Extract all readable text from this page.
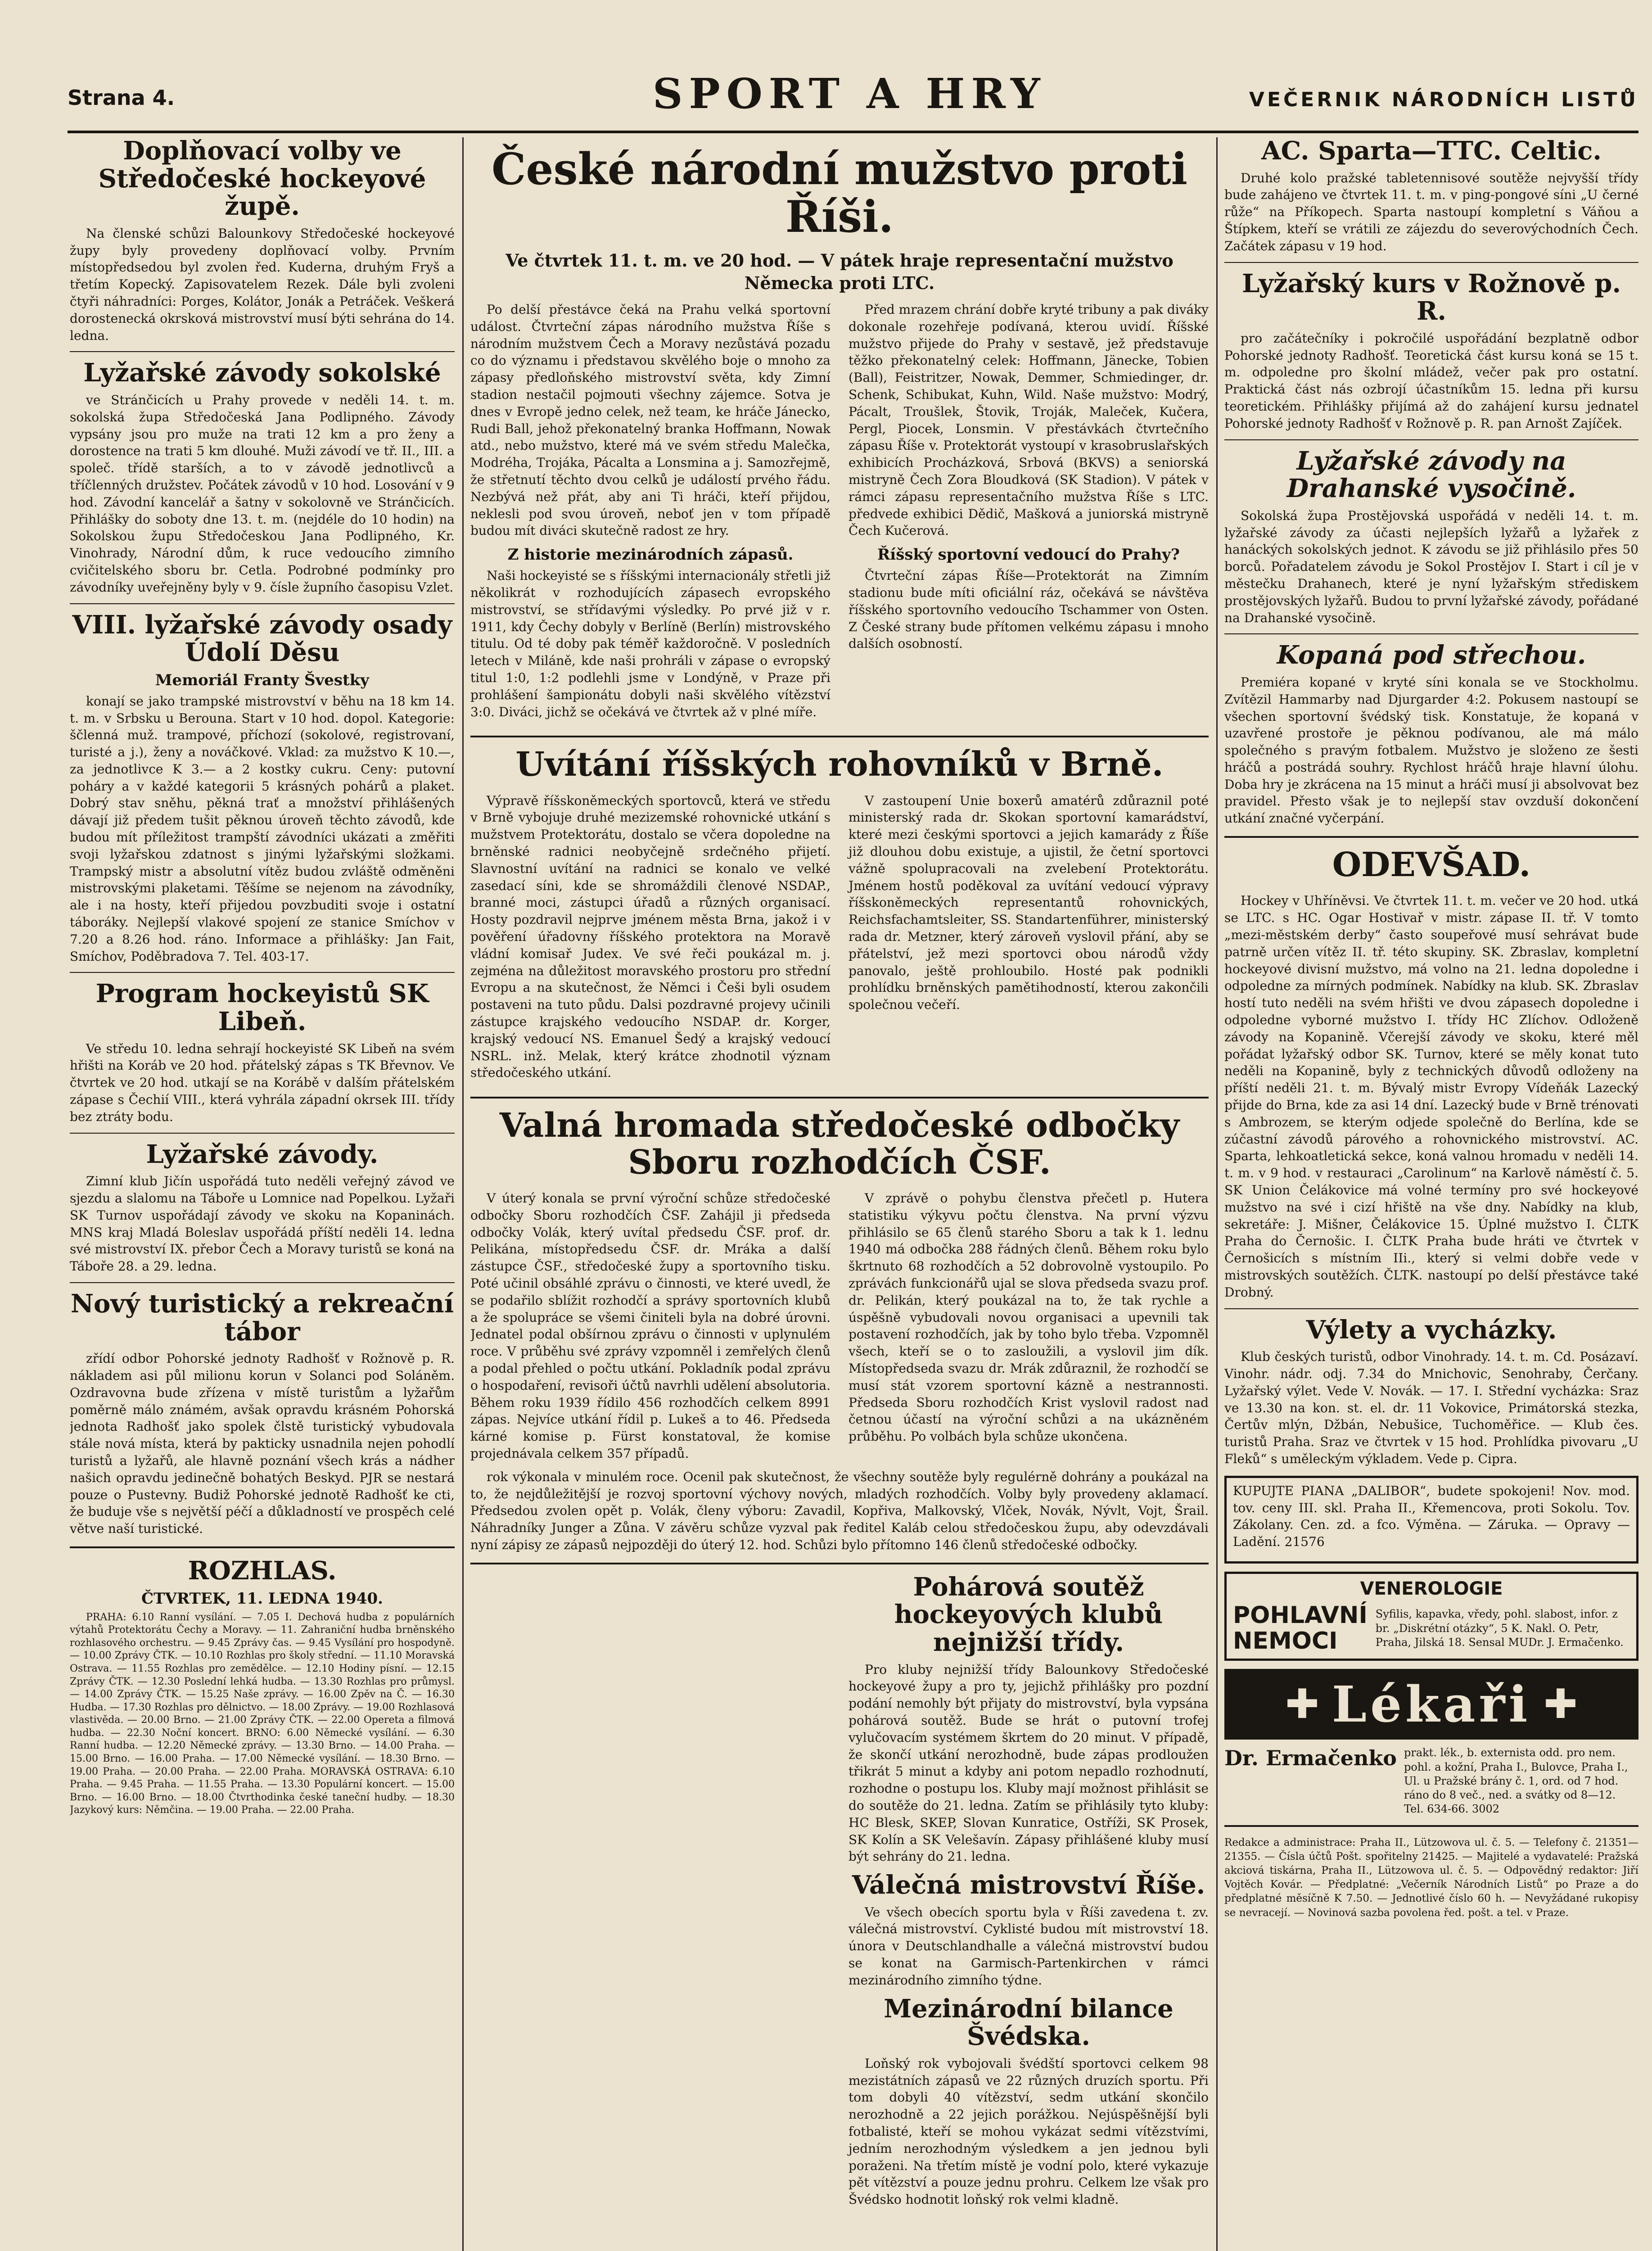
Strana 4.	SPORT A HRY	VEČERNIK NÁRODNÍCH LISTŮ
Doplňovací volby ve Středočeské hockeyové župě.

Na členské schůzi Balounkovy Středočeské hockeyové župy byly provedeny doplňovací volby. Prvním místopředsedou byl zvolen řed. Kuderna, druhým Fryš a třetím Kopecký. Zapisovatelem Rezek. Dále byli zvoleni čtyři náhradníci: Porges, Kolátor, Jonák a Petráček. Veškerá dorostenecká okrsková mistrovství musí býti sehrána do 14. ledna.

Lyžařské závody sokolské

ve Stránčicích u Prahy provede v neděli 14. t. m. sokolská župa Středočeská Jana Podlipného. Závody vypsány jsou pro muže na trati 12 km a pro ženy a dorostence na trati 5 km dlouhé. Muži závodí ve tř. II., III. a společ. třídě starších, a to v závodě jednotlivců a tříčlenných družstev. Počátek závodů v 10 hod. Losování v 9 hod. Závodní kancelář a šatny v sokolovně ve Stránčicích. Přihlášky do soboty dne 13. t. m. (nejdéle do 10 hodin) na Sokolskou župu Středočeskou Jana Podlipného, Kr. Vinohrady, Národní dům, k ruce vedoucího zimního cvičitelského sboru br. Cetla. Podrobné podmínky pro závodníky uveřejněny byly v 9. čísle župního časopisu Vzlet.

VIII. lyžařské závody osady Údolí Děsu
Memoriál Franty Švestky

konají se jako trampské mistrovství v běhu na 18 km 14. t. m. v Srbsku u Berouna. Start v 10 hod. dopol. Kategorie: ščlenná muž. trampové, příchozí (sokolové, registrovaní, turisté a j.), ženy a nováčkové. Vklad: za mužstvo K 10.—, za jednotlivce K 3.— a 2 kostky cukru. Ceny: putovní poháry a v každé kategorii 5 krásných pohárů a plaket. Dobrý stav sněhu, pěkná trať a množství přihlášených dávají již předem tušit pěknou úroveň těchto závodů, kde budou mít příležitost trampští závodníci ukázati a změřiti svoji lyžařskou zdatnost s jinými lyžařskými složkami. Trampský mistr a absolutní vítěz budou zvláště odměněni mistrovskými plaketami. Těšíme se nejenom na závodníky, ale i na hosty, kteří přijedou povzbuditi svoje i ostatní táboráky. Nejlepší vlakové spojení ze stanice Smíchov v 7.20 a 8.26 hod. ráno. Informace a přihlášky: Jan Fait, Smíchov, Poděbradova 7. Tel. 403-17.

Program hockeyistů SK Libeň.

Ve středu 10. ledna sehrají hockeyisté SK Libeň na svém hřišti na Koráb ve 20 hod. přátelský zápas s TK Břevnov. Ve čtvrtek ve 20 hod. utkají se na Korábě v dalším přátelském zápase s Čechií VIII., která vyhrála západní okrsek III. třídy bez ztráty bodu.

Lyžařské závody.

Zimní klub Jičín uspořádá tuto neděli veřejný závod ve sjezdu a slalomu na Táboře u Lomnice nad Popelkou. Lyžaři SK Turnov uspořádají závody ve skoku na Kopaninách. MNS kraj Mladá Boleslav uspořádá příští neděli 14. ledna své mistrovství IX. přebor Čech a Moravy turistů se koná na Táboře 28. a 29. ledna.

Nový turistický a rekreační tábor

zřídí odbor Pohorské jednoty Radhošť v Rožnově p. R. nákladem asi půl milionu korun v Solanci pod Soláněm. Ozdravovna bude zřízena v místě turistům a lyžařům poměrně málo známém, avšak opravdu krásném Pohorská jednota Radhošť jako spolek člstě turistický vybudovala stále nová místa, která by pakticky usnadnila nejen pohodlí turistů a lyžařů, ale hlavně poznání všech krás a nádher našich opravdu jedinečně bohatých Beskyd. PJR se nestará pouze o Pustevny. Budiž Pohorské jednotě Radhošť ke cti, že buduje vše s největší péčí a důkladností ve prospěch celé větve naší turistické.

ROZHLAS.
ČTVRTEK, 11. LEDNA 1940.

PRAHA: 6.10 Ranní vysílání. — 7.05 I. Dechová hudba z populárních výtahů Protektorátu Čechy a Moravy. — 11. Zahraniční hudba brněnského rozhlasového orchestru. — 9.45 Zprávy čas. — 9.45 Vysílání pro hospodyně. — 10.00 Zprávy ČTK. — 10.10 Rozhlas pro školy střední. — 11.10 Moravská Ostrava. — 11.55 Rozhlas pro zemědělce. — 12.10 Hodiny písní. — 12.15 Zprávy ČTK. — 12.30 Poslední lehká hudba. — 13.30 Rozhlas pro průmysl. — 14.00 Zprávy ČTK. — 15.25 Naše zprávy. — 16.00 Zpěv na Č. — 16.30 Hudba. — 17.30 Rozhlas pro dělnictvo. — 18.00 Zprávy. — 19.00 Rozhlasová vlastivěda. — 20.00 Brno. — 21.00 Zprávy ČTK. — 22.00 Opereta a filmová hudba. — 22.30 Noční koncert. BRNO: 6.00 Německé vysílání. — 6.30 Ranní hudba. — 12.20 Německé zprávy. — 13.30 Brno. — 14.00 Praha. — 15.00 Brno. — 16.00 Praha. — 17.00 Německé vysílání. — 18.30 Brno. — 19.00 Praha. — 20.00 Praha. — 22.00 Praha. MORAVSKÁ OSTRAVA: 6.10 Praha. — 9.45 Praha. — 11.55 Praha. — 13.30 Populární koncert. — 15.00 Brno. — 16.00 Brno. — 18.00 Čtvrthodinka české taneční hudby. — 18.30 Jazykový kurs: Němčina. — 19.00 Praha. — 22.00 Praha.

České národní mužstvo proti Říši.
Ve čtvrtek 11. t. m. ve 20 hod. — V pátek hraje representační mužstvo Německa proti LTC.

Po delší přestávce čeká na Prahu velká sportovní událost. Čtvrteční zápas národního mužstva Říše s národním mužstvem Čech a Moravy nezůstává pozadu co do významu i představou skvělého boje o mnoho za zápasy předloňského mistrovství světa, kdy Zimní stadion nestačil pojmouti všechny zájemce. Sotva je dnes v Evropě jedno celek, než team, ke hráče Jánecko, Rudi Ball, jehož překonatelný branka Hoffmann, Nowak atd., nebo mužstvo, které má ve svém středu Malečka, Modréha, Trojáka, Pácalta a Lonsmina a j. Samozřejmě, že střetnutí těchto dvou celků je událostí prvého řádu. Nezbývá než přát, aby ani Ti hráči, kteří přijdou, neklesli pod svou úroveň, neboť jen v tom případě budou mít diváci skutečně radost ze hry.

Z historie mezinárodních zápasů.

Naši hockeyisté se s říšskými internacionály střetli již několikrát v rozhodujících zápasech evropského mistrovství, se střídavými výsledky. Po prvé již v r. 1911, kdy Čechy dobyly v Berlíně (Berlín) mistrovského titulu. Od té doby pak téměř každoročně. V posledních letech v Miláně, kde naši prohráli v zápase o evropský titul 1:0, 1:2 podlehli jsme v Londýně, v Praze při prohlášení šampionátu dobyli naši skvělého vítězství 3:0. Diváci, jichž se očekává ve čtvrtek až v plné míře.

Před mrazem chrání dobře kryté tribuny a pak diváky dokonale rozehřeje podívaná, kterou uvidí. Říšské mužstvo přijede do Prahy v sestavě, jež představuje těžko překonatelný celek: Hoffmann, Jänecke, Tobien (Ball), Feistritzer, Nowak, Demmer, Schmiedinger, dr. Schenk, Schibukat, Kuhn, Wild. Naše mužstvo: Modrý, Pácalt, Troušlek, Štovik, Troják, Maleček, Kučera, Pergl, Piocek, Lonsmin. V přestávkách čtvrtečního zápasu Říše v. Protektorát vystoupí v krasobruslařských exhibicích Procházková, Srbová (BKVS) a seniorská mistryně Čech Zora Bloudková (SK Stadion). V pátek v rámci zápasu representačního mužstva Říše s LTC. předvede exhibici Dědič, Mašková a juniorská mistryně Čech Kučerová.

Říšský sportovní vedoucí do Prahy?

Čtvrteční zápas Říše—Protektorát na Zimním stadionu bude míti oficiální ráz, očekává se návštěva říšského sportovního vedoucího Tschammer von Osten. Z České strany bude přítomen velkému zápasu i mnoho dalších osobností.

Uvítání říšských rohovníků v Brně.

Výpravě říšskoněmeckých sportovců, která ve středu v Brně vybojuje druhé mezizemské rohovnické utkání s mužstvem Protektorátu, dostalo se včera dopoledne na brněnské radnici neobyčejně srdečného přijetí. Slavnostní uvítání na radnici se konalo ve velké zasedací síni, kde se shromáždili členové NSDAP., branné moci, zástupci úřadů a různých organisací. Hosty pozdravil nejprve jménem města Brna, jakož i v pověření úřadovny říšského protektora na Moravě vládní komisař Judex. Ve své řeči poukázal m. j. zejména na důležitost moravského prostoru pro střední Evropu a na skutečnost, že Němci i Češi byli osudem postaveni na tuto půdu. Dalsi pozdravné projevy učinili zástupce krajského vedoucího NSDAP. dr. Korger, krajský vedoucí NS. Emanuel Šedý a krajský vedoucí NSRL. inž. Melak, který krátce zhodnotil význam středočeského utkání.

V zastoupení Unie boxerů amatérů zdůraznil poté ministerský rada dr. Skokan sportovní kamarádství, které mezi českými sportovci a jejich kamarády z Říše již dlouhou dobu existuje, a ujistil, že četní sportovci vážně spolupracovali na zvelebení Protektorátu. Jménem hostů poděkoval za uvítání vedoucí výpravy říšskoněmeckých representantů rohovnických, Reichsfachamtsleiter, SS. Standartenführer, ministerský rada dr. Metzner, který zároveň vyslovil přání, aby se přátelství, jež mezi sportovci obou národů vždy panovalo, ještě prohloubilo. Hosté pak podnikli prohlídku brněnských pamětihodností, kterou zakončili společnou večeří.

Valná hromada středočeské odbočky Sboru rozhodčích ČSF.

V úterý konala se první výroční schůze středočeské odbočky Sboru rozhodčích ČSF. Zahájil ji předseda odbočky Volák, který uvítal předsedu ČSF. prof. dr. Pelikána, místopředsedu ČSF. dr. Mráka a další zástupce ČSF., středočeské župy a sportovního tisku. Poté učinil obsáhlé zprávu o činnosti, ve které uvedl, že se podařilo sblížit rozhodčí a správy sportovních klubů a že spolupráce se všemi činiteli byla na dobré úrovni. Jednatel podal obšírnou zprávu o činnosti v uplynulém roce. V průběhu své zprávy vzpomněl i zemřelých členů a podal přehled o počtu utkání. Pokladník podal zprávu o hospodaření, revisoři účtů navrhli udělení absolutoria. Během roku 1939 řídilo 456 rozhodčích celkem 8991 zápas. Nejvíce utkání řídil p. Lukeš a to 46. Předseda kárné komise p. Fürst konstatoval, že komise projednávala celkem 357 případů.

V zprávě o pohybu členstva přečetl p. Hutera statistiku výkyvu počtu členstva. Na první výzvu přihlásilo se 65 členů starého Sboru a tak k 1. lednu 1940 má odbočka 288 řádných členů. Během roku bylo škrtnuto 68 rozhodčích a 52 dobrovolně vystoupilo. Po zprávách funkcionářů ujal se slova předseda svazu prof. dr. Pelikán, který poukázal na to, že tak rychle a úspěšně vybudovali novou organisaci a upevnili tak postavení rozhodčích, jak by toho bylo třeba. Vzpomněl všech, kteří se o to zasloužili, a vyslovil jim dík. Místopředseda svazu dr. Mrák zdůraznil, že rozhodčí se musí stát vzorem sportovní kázně a nestrannosti. Předseda Sboru rozhodčích Krist vyslovil radost nad četnou účastí na výroční schůzi a na ukázněném průběhu. Po volbách byla schůze ukončena.

rok výkonala v minulém roce. Ocenil pak skutečnost, že všechny soutěže byly regulérně dohrány a poukázal na to, že nejdůležitější je rozvoj sportovní výchovy nových, mladých rozhodčích. Volby byly provedeny aklamací. Předsedou zvolen opět p. Volák, členy výboru: Zavadil, Kopřiva, Malkovský, Vlček, Novák, Nývlt, Vojt, Šrail. Náhradníky Junger a Zůna. V závěru schůze vyzval pak ředitel Kaláb celou středočeskou župu, aby odevzdávali nyní zápisy ze zápasů nejpozději do úterý 12. hod. Schůzi bylo přítomno 146 členů středočeské odbočky.

Pohárová soutěž hockeyových klubů nejnižší třídy.

Pro kluby nejnižší třídy Balounkovy Středočeské hockeyové župy a pro ty, jejichž přihlášky pro pozdní podání nemohly být přijaty do mistrovství, byla vypsána pohárová soutěž. Bude se hrát o putovní trofej vylučovacím systémem škrtem do 20 minut. V případě, že skončí utkání nerozhodně, bude zápas prodloužen třikrát 5 minut a kdyby ani potom nepadlo rozhodnutí, rozhodne o postupu los. Kluby mají možnost přihlásit se do soutěže do 21. ledna. Zatím se přihlásily tyto kluby: HC Blesk, SKEP, Slovan Kunratice, Ostříži, SK Prosek, SK Kolín a SK Velešavín. Zápasy přihlášené kluby musí být sehrány do 21. ledna.

Válečná mistrovství Říše.

Ve všech obecích sportu byla v Říši zavedena t. zv. válečná mistrovství. Cyklisté budou mít mistrovství 18. února v Deutschlandhalle a válečná mistrovství budou se konat na Garmisch-Partenkirchen v rámci mezinárodního zimního týdne.

Mezinárodní bilance Švédska.

Loňský rok vybojovali švédští sportovci celkem 98 mezistátních zápasů ve 22 různých druzích sportu. Při tom dobyli 40 vítězství, sedm utkání skončilo nerozhodně a 22 jejich porážkou. Nejúspěšnější byli fotbalisté, kteří se mohou vykázat sedmi vítězstvími, jedním nerozhodným výsledkem a jen jednou byli poraženi. Na třetím místě je vodní polo, které vykazuje pět vítězství a pouze jednu prohru. Celkem lze však pro Švédsko hodnotit loňský rok velmi kladně.

AC. Sparta—TTC. Celtic.

Druhé kolo pražské tabletennisové soutěže nejvyšší třídy bude zahájeno ve čtvrtek 11. t. m. v ping-pongové síni „U černé růže“ na Příkopech. Sparta nastoupí kompletní s Váňou a Štípkem, kteří se vrátili ze zájezdu do severovýchodních Čech. Začátek zápasu v 19 hod.

Lyžařský kurs v Rožnově p. R.

pro začátečníky i pokročilé uspořádání bezplatně odbor Pohorské jednoty Radhošť. Teoretická část kursu koná se 15 t. m. odpoledne pro školní mládež, večer pak pro ostatní. Praktická část nás ozbrojí účastníkům 15. ledna při kursu teoretickém. Přihlášky přijímá až do zahájení kursu jednatel Pohorské jednoty Radhošť v Rožnově p. R. pan Arnošt Zajíček.

Lyžařské závody na Drahanské vysočině.

Sokolská župa Prostějovská uspořádá v neděli 14. t. m. lyžařské závody za účasti nejlepších lyžařů a lyžařek z hanáckých sokolských jednot. K závodu se již přihlásilo přes 50 borců. Pořadatelem závodu je Sokol Prostějov I. Start i cíl je v městečku Drahanech, které je nyní lyžařským střediskem prostějovských lyžařů. Budou to první lyžařské závody, pořádané na Drahanské vysočině.

Kopaná pod střechou.

Premiéra kopané v kryté síni konala se ve Stockholmu. Zvítězil Hammarby nad Djurgarder 4:2. Pokusem nastoupí se všechen sportovní švédský tisk. Konstatuje, že kopaná v uzavřené prostoře je pěknou podívanou, ale má málo společného s pravým fotbalem. Mužstvo je složeno ze šesti hráčů a postrádá souhry. Rychlost hráčů hraje hlavní úlohu. Doba hry je zkrácena na 15 minut a hráči musí ji absolvovat bez pravidel. Přesto však je to nejlepší stav ovzduší dokončení utkání značné vyčerpání.

ODEVŠAD.

Hockey v Uhříněvsi. Ve čtvrtek 11. t. m. večer ve 20 hod. utká se LTC. s HC. Ogar Hostivař v mistr. zápase II. tř. V tomto „mezi-městském derby“ často soupeřové musí sehrávat bude patrně určen vítěz II. tř. této skupiny. SK. Zbraslav, kompletní hockeyové divisní mužstvo, má volno na 21. ledna dopoledne i odpoledne za mírných podmínek. Nabídky na klub. SK. Zbraslav hostí tuto neděli na svém hřišti ve dvou zápasech dopoledne i odpoledne vyborné mužstvo I. třídy HC Zlíchov. Odloženě závody na Kopanině. Včerejší závody ve skoku, které měl pořádat lyžařský odbor SK. Turnov, které se měly konat tuto neděli na Kopanině, byly z technických důvodů odloženy na příští neděli 21. t. m. Bývalý mistr Evropy Vídeňák Lazecký přijde do Brna, kde za asi 14 dní. Lazecký bude v Brně trénovati s Ambrozem, se kterým odjede společně do Berlína, kde se zúčastní závodů párového a rohovnického mistrovství. AC. Sparta, lehkoatletická sekce, koná valnou hromadu v neděli 14. t. m. v 9 hod. v restauraci „Carolinum“ na Karlově náměstí č. 5. SK Union Čelákovice má volné termíny pro své hockeyové mužstvo na své i cizí hřiště na vše dny. Nabídky na klub, sekretáře: J. Mišner, Čelákovice 15. Úplné mužstvo I. ČLTK Praha do Černošic. I. ČLTK Praha bude hráti ve čtvrtek v Černošicích s místním IIi., který si velmi dobře vede v mistrovských soutěžích. ČLTK. nastoupí po delší přestávce také Drobný.

Výlety a vycházky.

Klub českých turistů, odbor Vinohrady. 14. t. m. Cd. Posázaví. Vinohr. nádr. odj. 7.34 do Mnichovic, Senohraby, Čerčany. Lyžařský výlet. Vede V. Novák. — 17. I. Střední vycházka: Sraz ve 13.30 na kon. st. el. dr. 11 Vokovice, Primátorská stezka, Čertův mlýn, Džbán, Nebušice, Tuchoměřice. — Klub čes. turistů Praha. Sraz ve čtvrtek v 15 hod. Prohlídka pivovaru „U Fleků“ s uměleckým výkladem. Vede p. Cipra.

KUPUJTE PIANA „DALIBOR“, budete spokojeni! Nov. mod. tov. ceny III. skl. Praha II., Křemencova, proti Sokolu. Tov. Zákolany. Cen. zd. a fco. Výměna. — Záruka. — Opravy — Ladění. 21576

VENEROLOGIE
POHLAVNÍ NEMOCI
Syfilis, kapavka, vředy, pohl. slabost, infor. z br. „Diskrétní otázky“, 5 K. Nakl. O. Petr, Praha, Jilská 18. Sensal MUDr. J. Ermačenko.
✚ Lékaři ✚
Dr. Ermačenko prakt. lék., b. externista odd. pro nem. pohl. a kožní, Praha I., Bulovce, Praha I., Ul. u Pražské brány č. 1, ord. od 7 hod. ráno do 8 več., ned. a svátky od 8—12. Tel. 634-66. 3002

Redakce a administrace: Praha II., Lützowova ul. č. 5. — Telefony č. 21351—21355. — Čísla účtů Pošt. spořitelny 21425. — Majitelé a vydavatelé: Pražská akciová tiskárna, Praha II., Lützowova ul. č. 5. — Odpovědný redaktor: Jiří Vojtěch Kovár. — Předplatné: „Večerník Národních Listů“ po Praze a do předplatné měsíčně K 7.50. — Jednotlivé číslo 60 h. — Nevyžádané rukopisy se nevracejí. — Novinová sazba povolena řed. pošt. a tel. v Praze.
